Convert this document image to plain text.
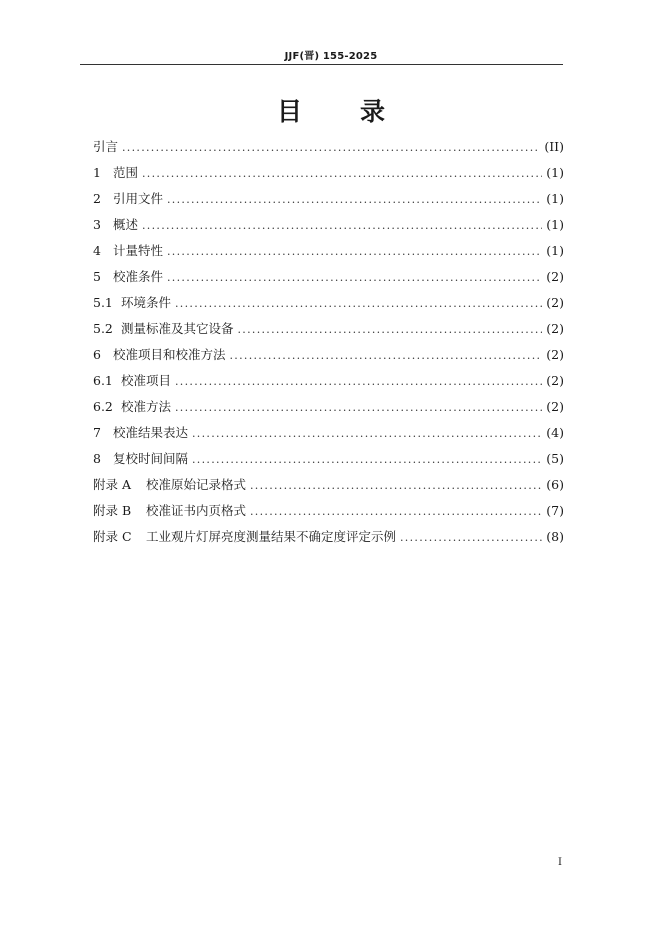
JJF(晋) 155-2025
目录
引言 .....	(II)
1 范围 .....	(1)
2 引用文件 .....	(1)
3 概述 .....	(1)
4 计量特性 .....	(1)
5 校准条件 .....	(2)
5.1 环境条件 .....	(2)
5.2 测量标准及其它设备 .....	(2)
6 校准项目和校准方法 .....	(2)
6.1 校准项目 .....	(2)
6.2 校准方法 .....	(2)
7 校准结果表达 .....	(4)
8 复校时间间隔 .....	(5)
附录 A	校准原始记录格式 .....	(6)
附录 B	校准证书内页格式 .....	(7)
附录 C	工业观片灯屏亮度测量结果不确定度评定示例 .....	(8)
I
